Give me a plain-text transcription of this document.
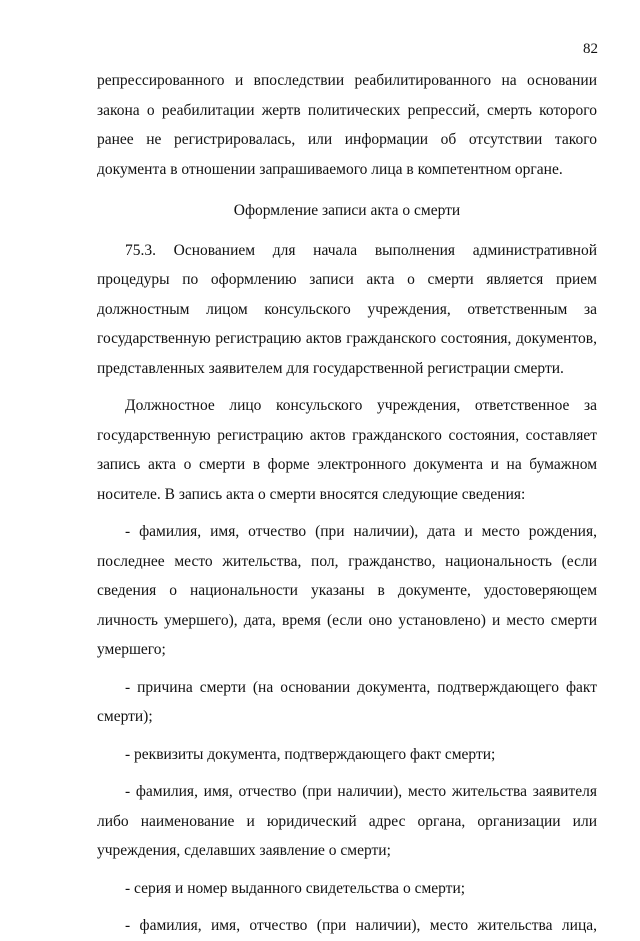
82

репрессированного и впоследствии реабилитированного на основании закона о реабилитации жертв политических репрессий, смерть которого ранее не регистрировалась, или информации об отсутствии такого документа в отношении запрашиваемого лица в компетентном органе.

Оформление записи акта о смерти

75.3. Основанием для начала выполнения административной процедуры по оформлению записи акта о смерти является прием должностным лицом консульского учреждения, ответственным за государственную регистрацию актов гражданского состояния, документов, представленных заявителем для государственной регистрации смерти.

Должностное лицо консульского учреждения, ответственное за государственную регистрацию актов гражданского состояния, составляет запись акта о смерти в форме электронного документа и на бумажном носителе. В запись акта о смерти вносятся следующие сведения:

- фамилия, имя, отчество (при наличии), дата и место рождения, последнее место жительства, пол, гражданство, национальность (если сведения о национальности указаны в документе, удостоверяющем личность умершего), дата, время (если оно установлено) и место смерти умершего;

- причина смерти (на основании документа, подтверждающего факт смерти);

- реквизиты документа, подтверждающего факт смерти;

- фамилия, имя, отчество (при наличии), место жительства заявителя либо наименование и юридический адрес органа, организации или учреждения, сделавших заявление о смерти;

- серия и номер выданного свидетельства о смерти;

- фамилия, имя, отчество (при наличии), место жительства лица,
